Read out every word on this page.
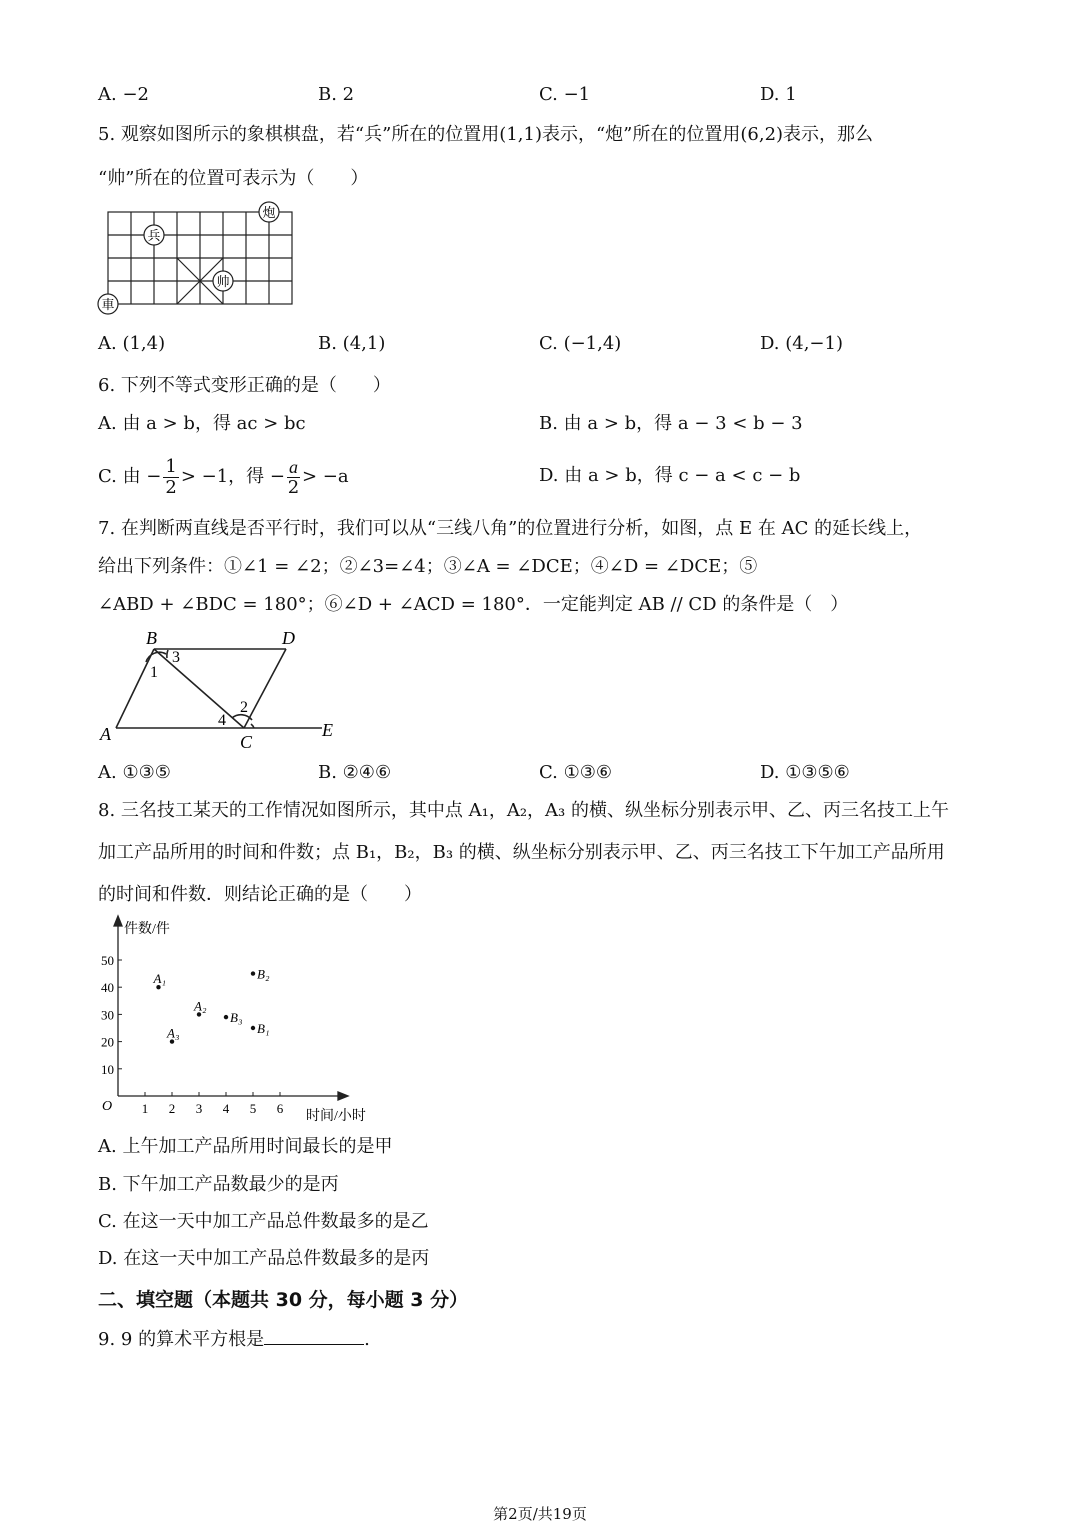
A. −2	B. 2	C. −1	D. 1
5. 观察如图所示的象棋棋盘，若“兵”所在的位置用(1,1)表示，“炮”所在的位置用(6,2)表示，那么
“帅”所在的位置可表示为（　　）
兵
炮
帅
車
A. (1,4)	B. (4,1)	C. (−1,4)	D. (4,−1)
6. 下列不等式变形正确的是（　　）
A. 由 a > b，得 ac > bc	B. 由 a > b，得 a − 3 < b − 3
C. 由 − $\frac{1}{2} > -1$，得 − $\frac{a}{2} > -a$	D. 由 a > b，得 c − a < c − b
7. 在判断两直线是否平行时，我们可以从“三线八角”的位置进行分析，如图，点 E 在 AC 的延长线上，
给出下列条件：①∠1 = ∠2；②∠3=∠4；③∠A = ∠DCE；④∠D = ∠DCE；⑤
∠ABD + ∠BDC = 180°；⑥∠D + ∠ACD = 180°．一定能判定 AB // CD 的条件是（　）
B	D
A	C
E
1
3
2
4
A. ①③⑤	B. ②④⑥	C. ①③⑥	D. ①③⑤⑥
8. 三名技工某天的工作情况如图所示，其中点 A₁，A₂，A₃ 的横、纵坐标分别表示甲、乙、丙三名技工上午
加工产品所用的时间和件数；点 B₁，B₂，B₃ 的横、纵坐标分别表示甲、乙、丙三名技工下午加工产品所用
的时间和件数．则结论正确的是（　　）
件数/件
时间/小时
O 1 2 3 4 5 6
10
20
30
40
50
A₁
A₂
A₃	B₁
B₂
B₃
A. 上午加工产品所用时间最长的是甲
B. 下午加工产品数最少的是丙
C. 在这一天中加工产品总件数最多的是乙
D. 在这一天中加工产品总件数最多的是丙
二、填空题（本题共 30 分，每小题 3 分）
9. 9 的算术平方根是	.
第2页/共19页
